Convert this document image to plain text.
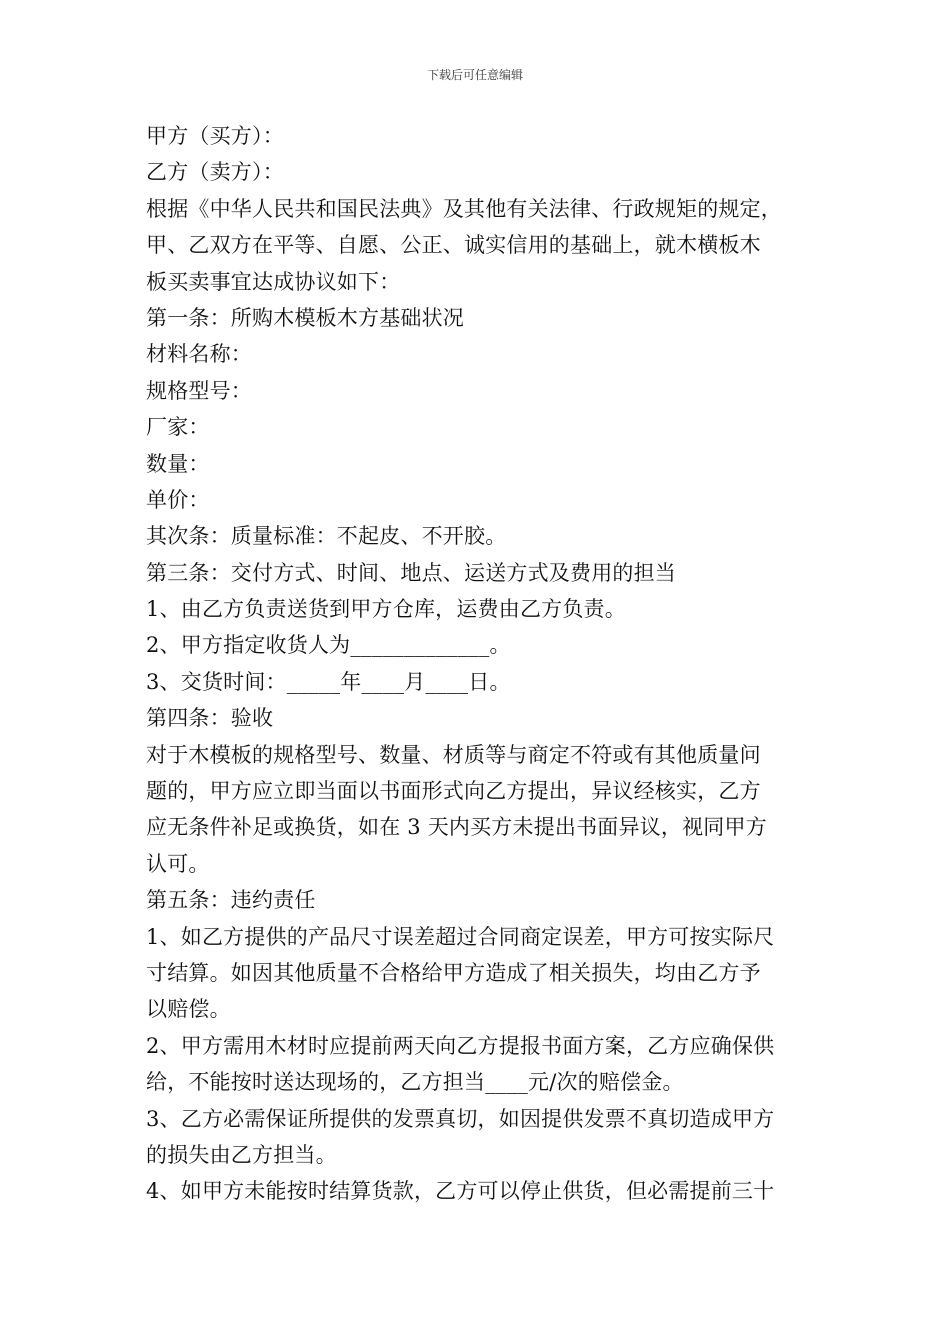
下载后可任意编辑
甲方（买方）：
乙方（卖方）：
根据《中华人民共和国民法典》及其他有关法律、行政规矩的规定，
甲、乙双方在平等、自愿、公正、诚实信用的基础上，就木横板木
板买卖事宜达成协议如下：
第一条：所购木模板木方基础状况
材料名称：
规格型号：
厂家：
数量：
单价：
其次条：质量标准：不起皮、不开胶。
第三条：交付方式、时间、地点、运送方式及费用的担当
1、由乙方负责送货到甲方仓库，运费由乙方负责。
2、甲方指定收货人为_____________。
3、交货时间：_____年____月____日。
第四条：验收
对于木模板的规格型号、数量、材质等与商定不符或有其他质量问
题的，甲方应立即当面以书面形式向乙方提出，异议经核实，乙方
应无条件补足或换货，如在 3 天内买方未提出书面异议，视同甲方
认可。
第五条：违约责任
1、如乙方提供的产品尺寸误差超过合同商定误差，甲方可按实际尺
寸结算。如因其他质量不合格给甲方造成了相关损失，均由乙方予
以赔偿。
2、甲方需用木材时应提前两天向乙方提报书面方案，乙方应确保供
给，不能按时送达现场的，乙方担当____元/次的赔偿金。
3、乙方必需保证所提供的发票真切，如因提供发票不真切造成甲方
的损失由乙方担当。
4、如甲方未能按时结算货款，乙方可以停止供货，但必需提前三十
